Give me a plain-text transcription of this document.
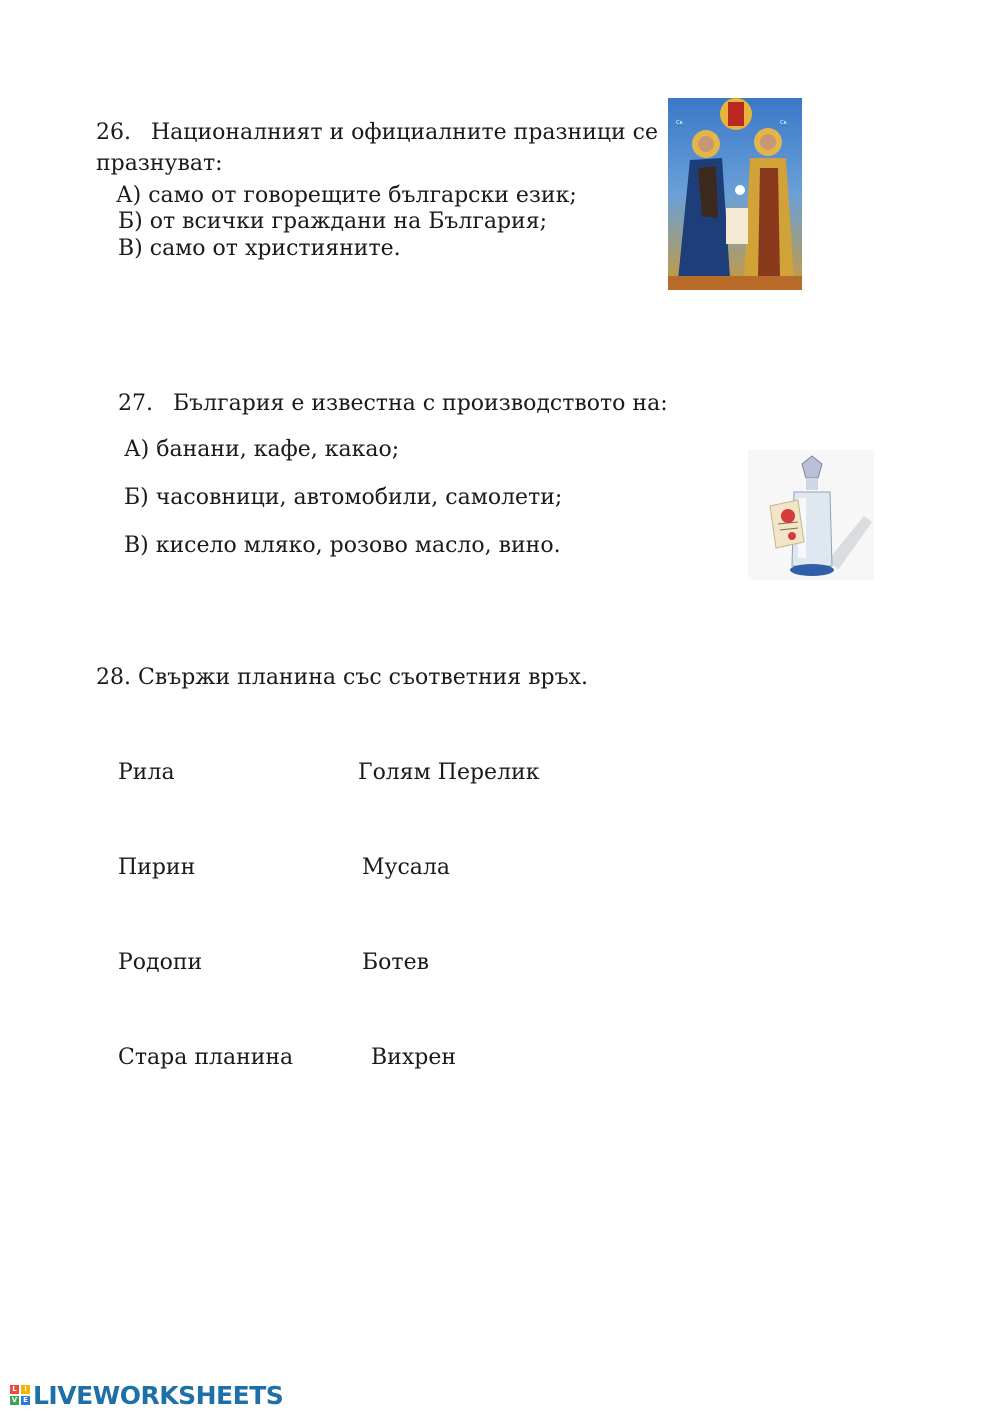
26. Националният и официалните празници се
празнуват:
А) само от говорещите български език;
Б) от всички граждани на България;
В) само от християните.
Св.	Св.
27. България е известна с производството на:
А) банани, кафе, какао;
Б) часовници, автомобили, самолети;
В) кисело мляко, розово масло, вино.
28. Свържи планина със съответния връх.
Рила
Пирин
Родопи
Стара планина
Голям Перелик
Мусала
Ботев
Вихрен
L	I
V E LIVEWORKSHEETS
